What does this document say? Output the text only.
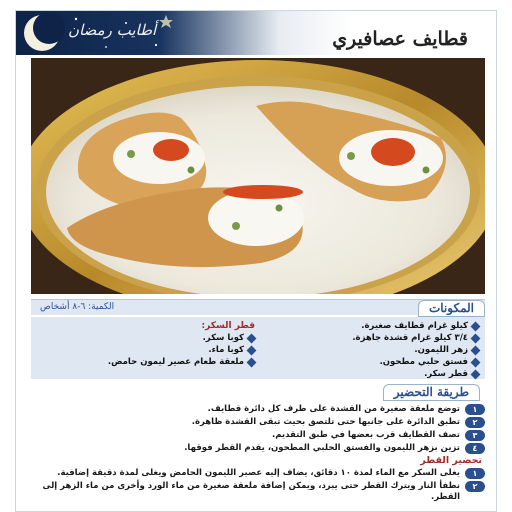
أطايب رمضان	قطايف عصافيري
المكونات
الكمية: ٦-٨ أشخاص
كيلو غرام قطايف صغيرة.
٣/٤ كيلو غرام قشدة جاهزة.
زهر الليمون.
فستق حلبي مطحون.
قطر سكر.
قطر السكر:
كوبا سكر.
كوبا ماء.
ملعقة طعام عصير ليمون حامض.
طريقة التحضير
١
توضع ملعقة صغيرة من القشدة على طرف كل دائرة قطايف.
٢
تطبق الدائرة على جانبها حتى تلتصق بحيث تبقى القشدة ظاهرة.
٣
تصف القطايف قرب بعضها في طبق التقديم.
٤
تزين بزهر الليمون والفستق الحلبي المطحون، يقدم القطر فوقها.
تحضير القطر
١
يغلى السكر مع الماء لمدة ١٠ دقائق، يضاف إليه عصير الليمون الحامض ويغلى لمدة دقيقة إضافية.
٢
نطفأ النار ويترك القطر حتى يبرد، ويمكن إضافة ملعقة صغيرة من ماء الورد وأخرى من ماء الزهر إلى القطر.
